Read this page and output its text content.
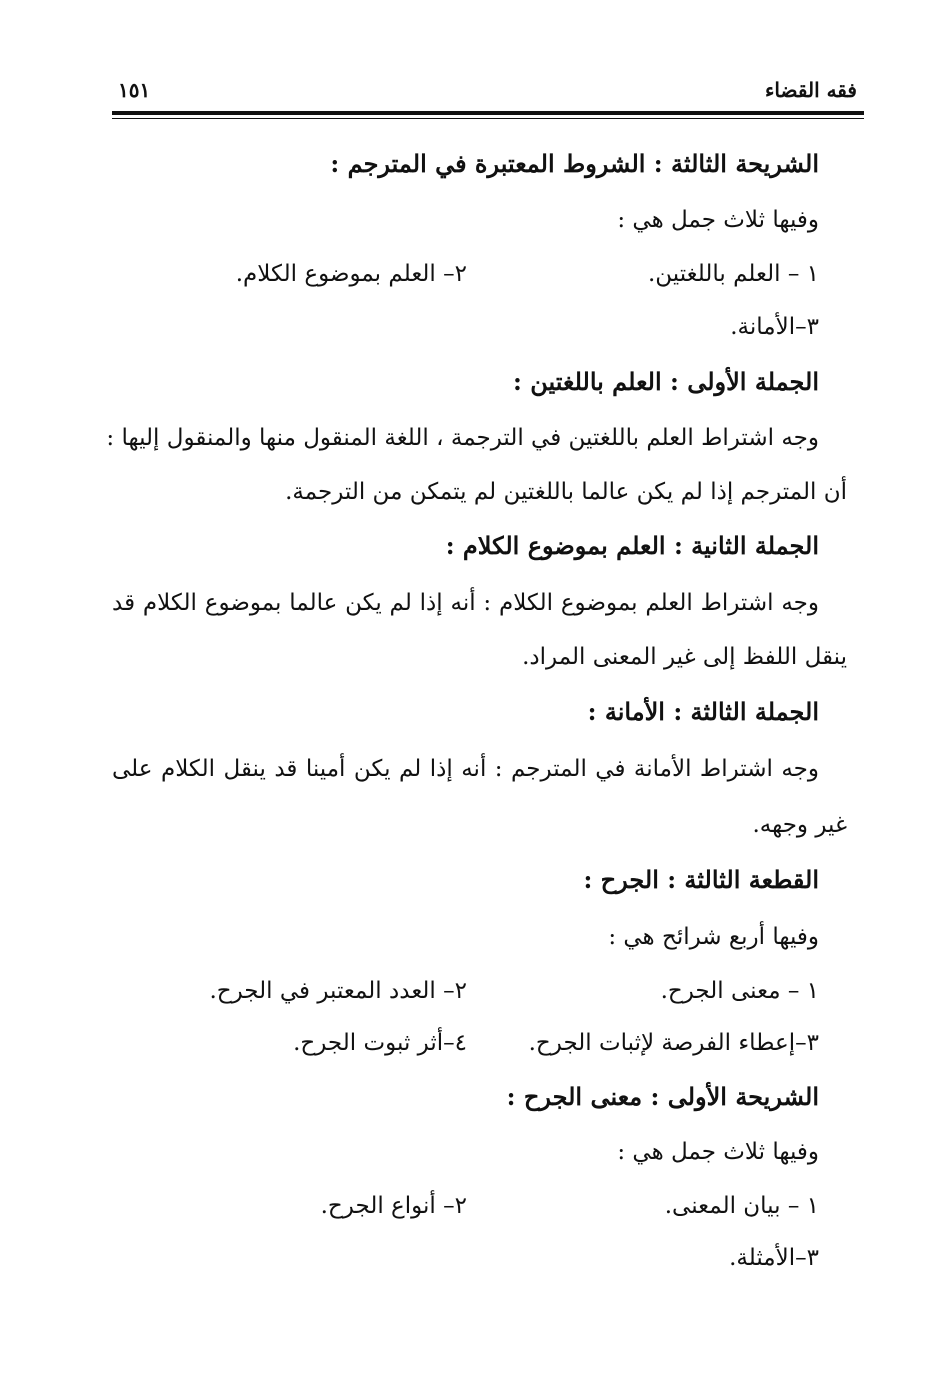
فقه القضاء
١٥١
الشريحة الثالثة : الشروط المعتبرة في المترجم :
وفيها ثلاث جمل هي :
١ – العلم باللغتين.
٢– العلم بموضوع الكلام.
٣–الأمانة.
الجملة الأولى : العلم باللغتين :
وجه اشتراط العلم باللغتين في الترجمة ، اللغة المنقول منها والمنقول إليها :
أن المترجم إذا لم يكن عالما باللغتين لم يتمكن من الترجمة.
الجملة الثانية : العلم بموضوع الكلام :
وجه اشتراط العلم بموضوع الكلام : أنه إذا لم يكن عالما بموضوع الكلام قد
ينقل اللفظ إلى غير المعنى المراد.
الجملة الثالثة : الأمانة :
وجه اشتراط الأمانة في المترجم : أنه إذا لم يكن أمينا قد ينقل الكلام على
غير وجهه.
القطعة الثالثة : الجرح :
وفيها أربع شرائح هي :
١ – معنى الجرح.
٢– العدد المعتبر في الجرح.
٣–إعطاء الفرصة لإثبات الجرح.
٤–أثر ثبوت الجرح.
الشريحة الأولى : معنى الجرح :
وفيها ثلاث جمل هي :
١ – بيان المعنى.
٢– أنواع الجرح.
٣–الأمثلة.
